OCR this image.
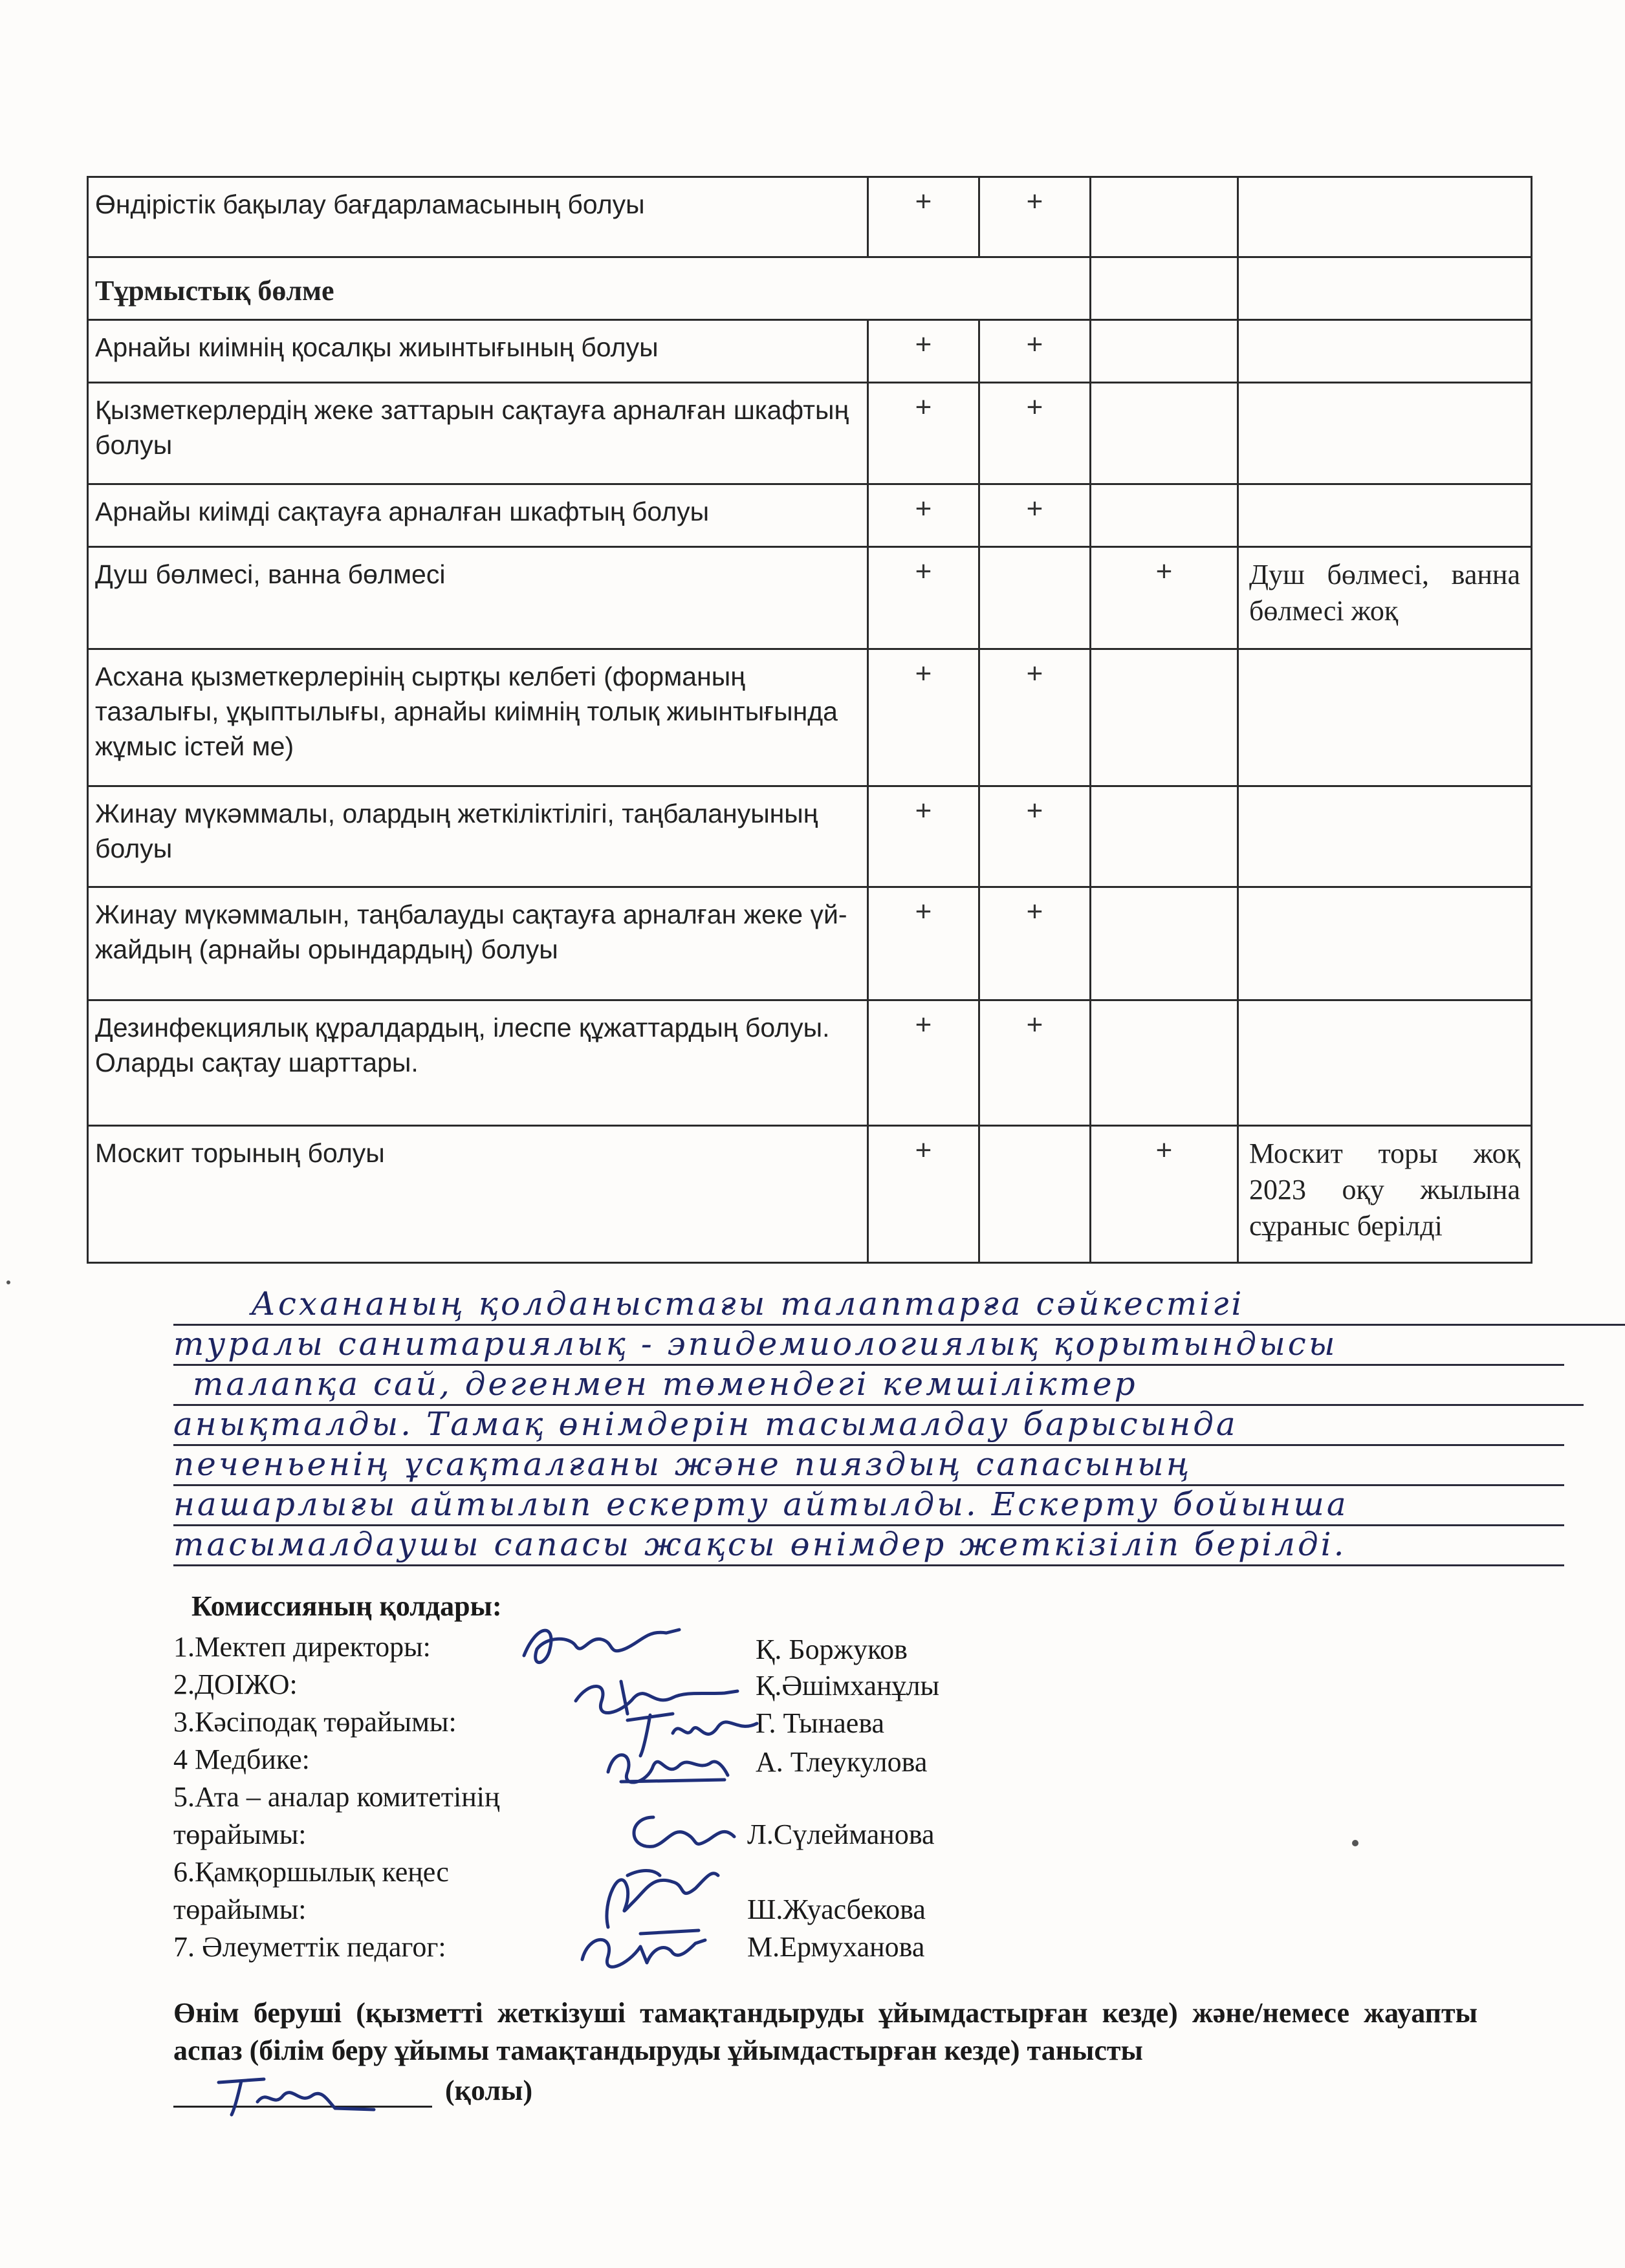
Өндірістік бақылау бағдарламасының болуы	+	+		
Тұрмыстық бөлме				
Арнайы киімнің қосалқы жиынтығының болуы	+	+		
Қызметкерлердің жеке заттарын сақтауға арналған шкафтың болуы	+	+		
Арнайы киімді сақтауға арналған шкафтың болуы	+	+		
Душ бөлмесі, ванна бөлмесі	+		+	Душ бөлмесі, ванна бөлмесі жоқ
Асхана қызметкерлерінің сыртқы келбеті (форманың тазалығы, ұқыптылығы, арнайы киімнің толық жиынтығында жұмыс істей ме)	+	+		
Жинау мүкәммалы, олардың жеткіліктілігі, таңбалануының болуы	+	+		
Жинау мүкәммалын, таңбалауды сақтауға арналған жеке үй-жайдың (арнайы орындардың) болуы	+	+		
Дезинфекциялық құралдардың, ілеспе құжаттардың болуы. Оларды сақтау шарттары.	+	+		
Москит торының болуы	+		+	Москит торы жоқ 2023 оқу жылына сұраныс берілді
Асхананың қолданыстағы талаптарға сәйкестігі
туралы санитариялық - эпидемиологиялық қорытындысы
талапқа сай, дегенмен төмендегі кемшіліктер
анықталды. Тамақ өнімдерін тасымалдау барысында
печеньенің ұсақталғаны және пияздың сапасының
нашарлығы айтылып ескерту айтылды. Ескерту бойынша
тасымалдаушы сапасы жақсы өнімдер жеткізіліп берілді.
Комиссияның қолдары:
1.Мектеп директоры:	Қ. Боржуков
2.ДОІЖО:	Қ.Әшімханұлы
3.Кәсіподақ төрайымы:	Г. Тынаева
4 Медбике:	А. Тлеукулова
5.Ата – аналар комитетінің
төрайымы:	Л.Сүлейманова
6.Қамқоршылық кеңес
төрайымы:	Ш.Жуасбекова
7. Әлеуметтік педагог:	М.Ермуханова
Өнім беруші (қызметті жеткізуші тамақтандыруды ұйымдастырған кезде) және/немесе жауапты аспаз (білім беру ұйымы тамақтандыруды ұйымдастырған кезде) танысты
(қолы)
